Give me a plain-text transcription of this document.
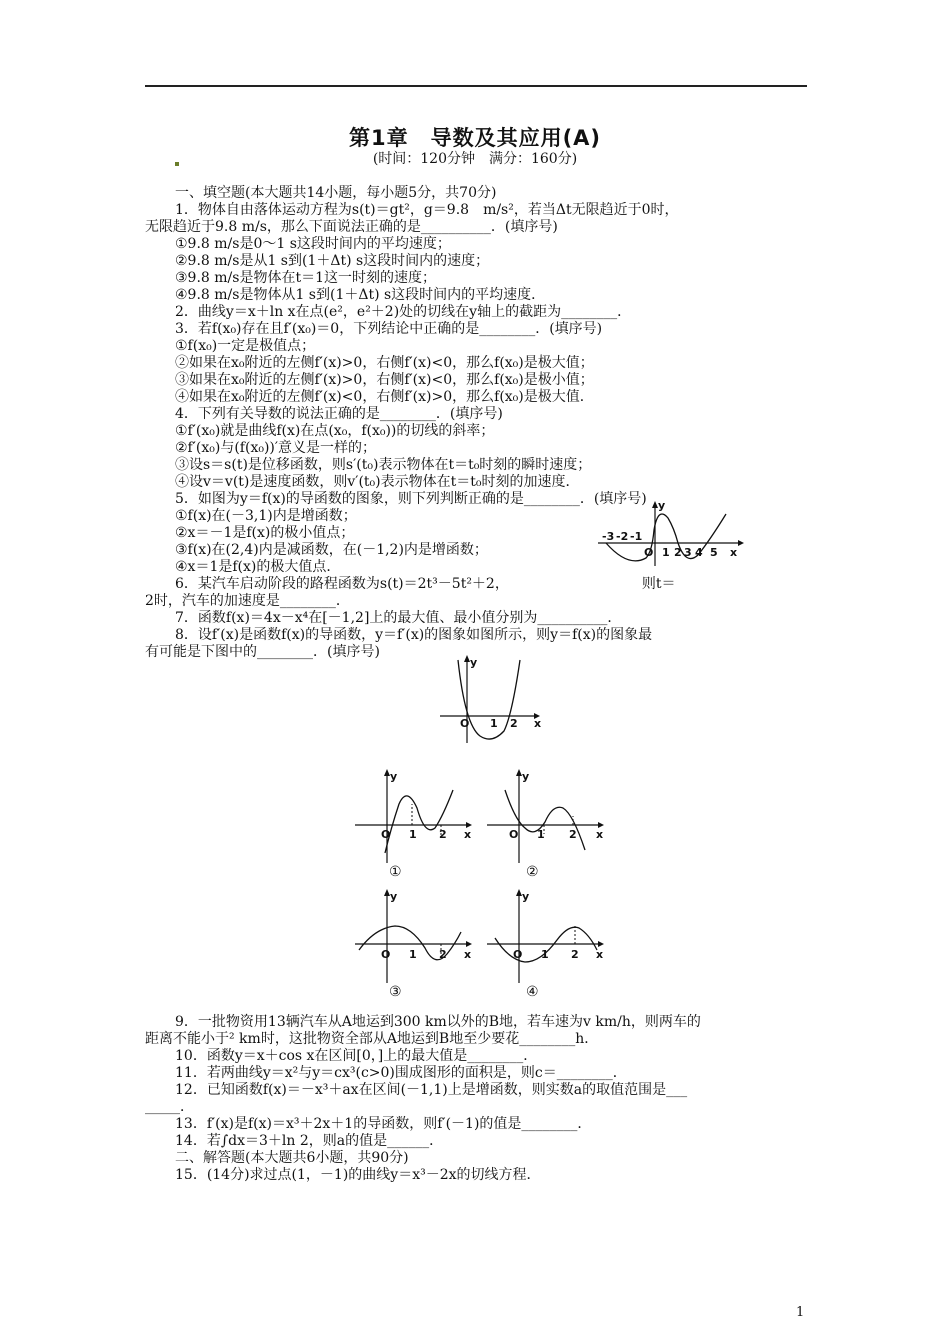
第1章　导数及其应用(A)
(时间：120分钟　满分：160分)
一、填空题(本大题共14小题，每小题5分，共70分)
1．物体自由落体运动方程为s(t)＝gt²，g＝9.8　m/s²，若当Δt无限趋近于0时，
无限趋近于9.8 m/s，那么下面说法正确的是__________．(填序号)
①9.8 m/s是0～1 s这段时间内的平均速度；
②9.8 m/s是从1 s到(1＋Δt) s这段时间内的速度；
③9.8 m/s是物体在t＝1这一时刻的速度；
④9.8 m/s是物体从1 s到(1＋Δt) s这段时间内的平均速度．
2．曲线y＝x＋ln x在点(e²，e²＋2)处的切线在y轴上的截距为________．
3．若f(x₀)存在且f′(x₀)＝0，下列结论中正确的是________．(填序号)
①f(x₀)一定是极值点；
②如果在x₀附近的左侧f′(x)>0，右侧f′(x)<0，那么f(x₀)是极大值；
③如果在x₀附近的左侧f′(x)>0，右侧f′(x)<0，那么f(x₀)是极小值；
④如果在x₀附近的左侧f′(x)<0，右侧f′(x)>0，那么f(x₀)是极大值．
4．下列有关导数的说法正确的是________．(填序号)
①f′(x₀)就是曲线f(x)在点(x₀，f(x₀))的切线的斜率；
②f′(x₀)与(f(x₀))′意义是一样的；
③设s＝s(t)是位移函数，则s′(t₀)表示物体在t＝t₀时刻的瞬时速度；
④设v＝v(t)是速度函数，则v′(t₀)表示物体在t＝t₀时刻的加速度．
5．如图为y＝f(x)的导函数的图象，则下列判断正确的是________．(填序号)
①f(x)在(－3,1)内是增函数；
②x＝－1是f(x)的极小值点；
③f(x)在(2,4)内是减函数，在(－1,2)内是增函数；
④x＝1是f(x)的极大值点．
6．某汽车启动阶段的路程函数为s(t)＝2t³－5t²＋2，　　　　　　　　　　则t＝
2时，汽车的加速度是________．
7．函数f(x)＝4x－x⁴在[－1,2]上的最大值、最小值分别为__________．
8．设f′(x)是函数f(x)的导函数，y＝f′(x)的图象如图所示，则y＝f(x)的图象最
有可能是下图中的________．(填序号)
y
-3 -2 -1
O 1 2 3 4 5 x
y
O 1 2 x
y
O 1 2 x
①
y
O 1 2 x
②
y
O 1 2 x
③
y
O 1 2 x
④
9．一批物资用13辆汽车从A地运到300 km以外的B地，若车速为v km/h，则两车的
距离不能小于² km时，这批物资全部从A地运到B地至少要花________h．
10．函数y＝x＋cos x在区间[0，]上的最大值是________．
11．若两曲线y＝x²与y＝cx³(c>0)围成图形的面积是，则c＝________．
12．已知函数f(x)＝－x³＋ax在区间(－1,1)上是增函数，则实数a的取值范围是___
_____．
13．f′(x)是f(x)＝x³＋2x＋1的导函数，则f′(－1)的值是________．
14．若∫dx＝3＋ln 2，则a的值是______．
二、解答题(本大题共6小题，共90分)
15．(14分)求过点(1，－1)的曲线y＝x³－2x的切线方程．
1
